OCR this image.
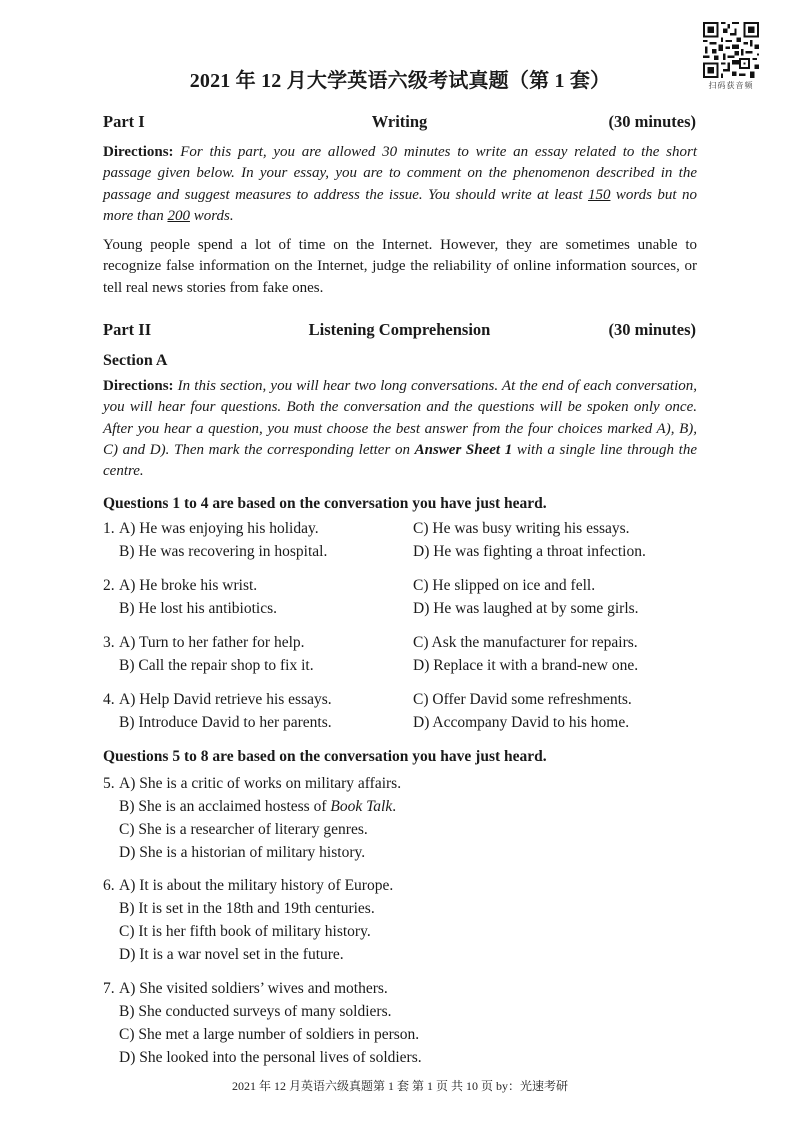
2021 年 12 月大学英语六级考试真题（第 1 套）	扫码获音频
Part I	Writing	(30 minutes)
Directions: For this part, you are allowed 30 minutes to write an essay related to the short passage given below. In your essay, you are to comment on the phenomenon described in the passage and suggest measures to address the issue. You should write at least 150 words but no more than 200 words.
Young people spend a lot of time on the Internet. However, they are sometimes unable to recognize false information on the Internet, judge the reliability of online information sources, or tell real news stories from fake ones.
Part II	Listening Comprehension	(30 minutes)
Section A
Directions: In this section, you will hear two long conversations. At the end of each conversation, you will hear four questions. Both the conversation and the questions will be spoken only once. After you hear a question, you must choose the best answer from the four choices marked A), B), C) and D). Then mark the corresponding letter on Answer Sheet 1 with a single line through the centre.
Questions 1 to 4 are based on the conversation you have just heard.
1. A) He was enjoying his holiday.
B) He was recovering in hospital.
C) He was busy writing his essays.
D) He was fighting a throat infection.
2. A) He broke his wrist.
B) He lost his antibiotics.
C) He slipped on ice and fell.
D) He was laughed at by some girls.
3. A) Turn to her father for help.
B) Call the repair shop to fix it.
C) Ask the manufacturer for repairs.
D) Replace it with a brand-new one.
4. A) Help David retrieve his essays.
B) Introduce David to her parents.
C) Offer David some refreshments.
D) Accompany David to his home.
Questions 5 to 8 are based on the conversation you have just heard.
5. A) She is a critic of works on military affairs.
B) She is an acclaimed hostess of Book Talk.
C) She is a researcher of literary genres.
D) She is a historian of military history.
6. A) It is about the military history of Europe.
B) It is set in the 18th and 19th centuries.
C) It is her fifth book of military history.
D) It is a war novel set in the future.
7. A) She visited soldiers’ wives and mothers.
B) She conducted surveys of many soldiers.
C) She met a large number of soldiers in person.
D) She looked into the personal lives of soldiers.
2021 年 12 月英语六级真题第 1 套 第 1 页 共 10 页 by：光速考研
